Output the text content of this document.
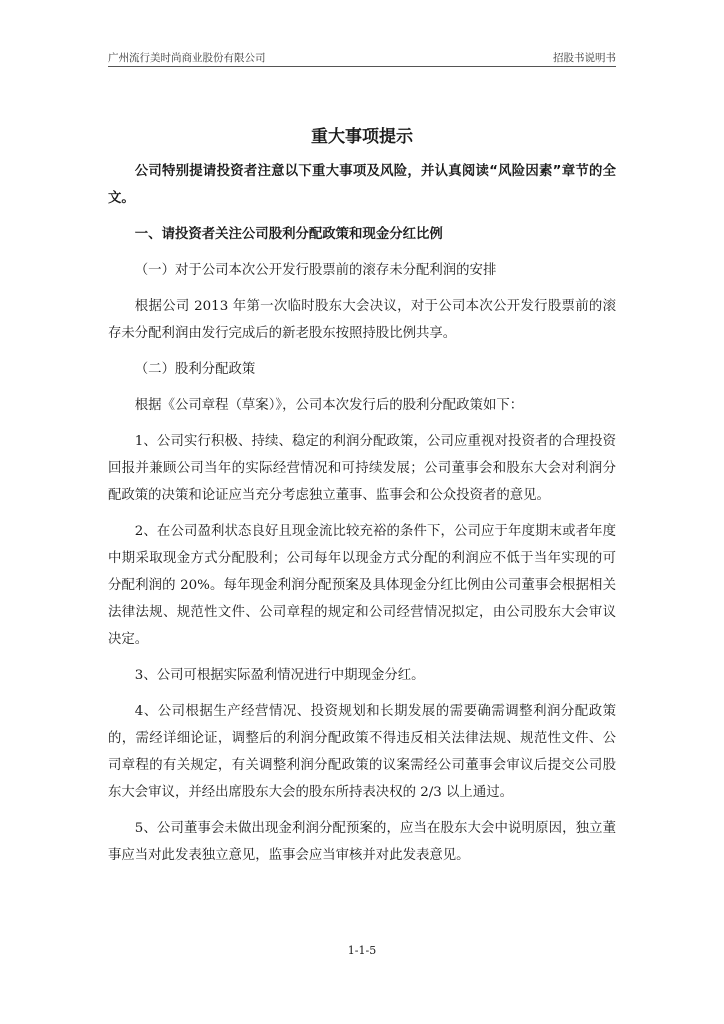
广州流行美时尚商业股份有限公司	招股书说明书
重大事项提示

公司特别提请投资者注意以下重大事项及风险，并认真阅读“风险因素”章节的全文。

一、请投资者关注公司股利分配政策和现金分红比例

（一）对于公司本次公开发行股票前的滚存未分配利润的安排

根据公司 2013 年第一次临时股东大会决议，对于公司本次公开发行股票前的滚存未分配利润由发行完成后的新老股东按照持股比例共享。

（二）股利分配政策

根据《公司章程（草案）》，公司本次发行后的股利分配政策如下：

1、公司实行积极、持续、稳定的利润分配政策，公司应重视对投资者的合理投资回报并兼顾公司当年的实际经营情况和可持续发展；公司董事会和股东大会对利润分配政策的决策和论证应当充分考虑独立董事、监事会和公众投资者的意见。

2、在公司盈利状态良好且现金流比较充裕的条件下，公司应于年度期末或者年度中期采取现金方式分配股利；公司每年以现金方式分配的利润应不低于当年实现的可分配利润的 20%。每年现金利润分配预案及具体现金分红比例由公司董事会根据相关法律法规、规范性文件、公司章程的规定和公司经营情况拟定，由公司股东大会审议决定。

3、公司可根据实际盈利情况进行中期现金分红。

4、公司根据生产经营情况、投资规划和长期发展的需要确需调整利润分配政策的，需经详细论证，调整后的利润分配政策不得违反相关法律法规、规范性文件、公司章程的有关规定，有关调整利润分配政策的议案需经公司董事会审议后提交公司股东大会审议，并经出席股东大会的股东所持表决权的 2/3 以上通过。

5、公司董事会未做出现金利润分配预案的，应当在股东大会中说明原因，独立董事应当对此发表独立意见，监事会应当审核并对此发表意见。

1-1-5
